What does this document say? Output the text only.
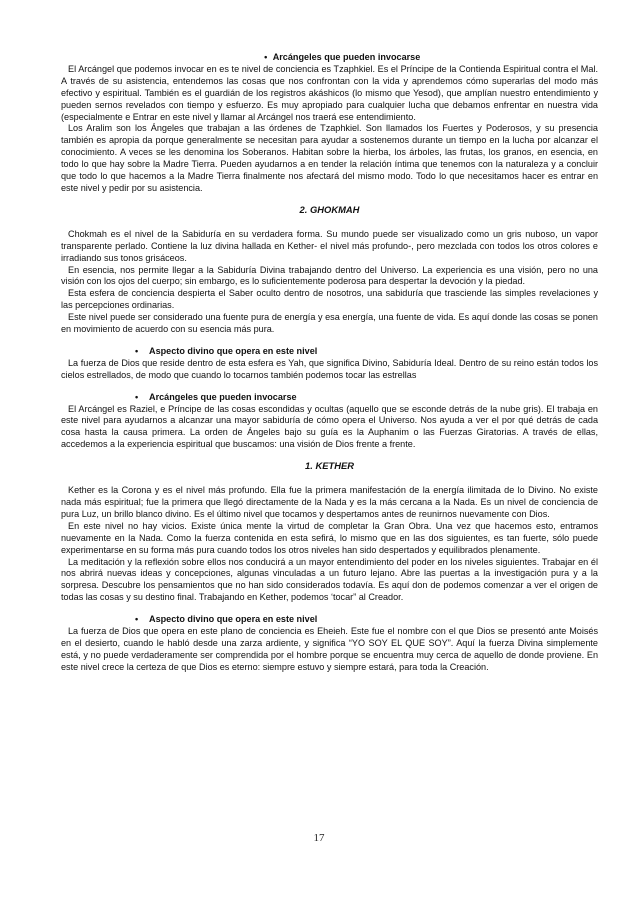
• Arcángeles que pueden invocarse

El Arcángel que podemos invocar en es te nivel de conciencia es Tzaphkiel. Es el Príncipe de la Contienda Espiritual contra el Mal. A través de su asistencia, entendemos las cosas que nos confrontan con la vida y aprendemos cómo superarlas del modo más efectivo y espiritual. También es el guardián de los registros akáshicos (lo mismo que Yesod), que amplían nuestro entendimiento y pueden sernos revelados con tiempo y esfuerzo. Es muy apropiado para cualquier lucha que debamos enfrentar en nuestra vida (especialmente e Entrar en este nivel y llamar al Arcángel nos traerá ese entendimiento.

Los Aralim son los Ángeles que trabajan a las órdenes de Tzaphkiel. Son llamados los Fuertes y Poderosos, y su presencia también es apropia da porque generalmente se necesitan para ayudar a sostenemos durante un tiempo en la lucha por alcanzar el conocimiento. A veces se les denomina los Soberanos. Habitan sobre la hierba, los árboles, las frutas, los granos, en esencia, en todo lo que hay sobre la Madre Tierra. Pueden ayudarnos a en tender la relación íntima que tenemos con la naturaleza y a concluir que todo lo que hacemos a la Madre Tierra finalmente nos afectará del mismo modo. Todo lo que necesitamos hacer es entrar en este nivel y pedir por su asistencia.

2. GHOKMAH

Chokmah es el nivel de la Sabiduría en su verdadera forma. Su mundo puede ser visualizado como un gris nuboso, un vapor transparente perlado. Contiene la luz divina hallada en Kether- el nivel más profundo-, pero mezclada con todos los otros colores e irradiando sus tonos grisáceos.

En esencia, nos permite llegar a la Sabiduría Divina trabajando dentro del Universo. La experiencia es una visión, pero no una visión con los ojos del cuerpo; sin embargo, es lo suficientemente poderosa para despertar la devoción y la piedad.

Esta esfera de conciencia despierta el Saber oculto dentro de nosotros, una sabiduría que trasciende las simples revelaciones y las percepciones ordinarias.

Este nivel puede ser considerado una fuente pura de energía y esa energía, una fuente de vida. Es aquí donde las cosas se ponen en movimiento de acuerdo con su esencia más pura.

• Aspecto divino que opera en este nivel

La fuerza de Dios que reside dentro de esta esfera es Yah, que significa Divino, Sabiduría Ideal. Dentro de su reino están todos los cielos estrellados, de modo que cuando lo tocarnos también podemos tocar las estrellas

• Arcángeles que pueden invocarse

El Arcángel es Raziel, e Príncipe de las cosas escondidas y ocultas (aquello que se esconde detrás de la nube gris). El trabaja en este nivel para ayudarnos a alcanzar una mayor sabiduría de cómo opera el Universo. Nos ayuda a ver el por qué detrás de cada cosa hasta la causa primera. La orden de Ángeles bajo su guía es la Auphanim o las Fuerzas Giratorias. A través de ellas, accedemos a la experiencia espiritual que buscamos: una visión de Dios frente a frente.

1. KETHER

Kether es la Corona y es el nivel más profundo. Ella fue la primera manifestación de la energía ilimitada de lo Divino. No existe nada más espiritual; fue la primera que llegó directamente de la Nada y es la más cercana a la Nada. Es un nivel de conciencia de pura Luz, un brillo blanco divino. Es el último nivel que tocamos y despertamos antes de reunirnos nuevamente con Dios.

En este nivel no hay vicios. Existe única mente la virtud de completar la Gran Obra. Una vez que hacemos esto, entramos nuevamente en la Nada. Como la fuerza contenida en esta sefirá, lo mismo que en las dos siguientes, es tan fuerte, sólo puede experimentarse en su forma más pura cuando todos los otros niveles han sido despertados y equilibrados plenamente.

La meditación y la reflexión sobre ellos nos conducirá a un mayor entendimiento del poder en los niveles siguientes. Trabajar en él nos abrirá nuevas ideas y concepciones, algunas vinculadas a un futuro lejano. Abre las puertas a la investigación pura y a la sorpresa. Descubre los pensamientos que no han sido considerados todavía. Es aquí don de podemos comenzar a ver el origen de todas las cosas y su destino final. Trabajando en Kether, podemos ‘tocar” al Creador.

• Aspecto divino que opera en este nivel

La fuerza de Dios que opera en este plano de conciencia es Eheieh. Este fue el nombre con el que Dios se presentó ante Moisés en el desierto, cuando le habló desde una zarza ardiente, y significa “YO SOY EL QUE SOY”. Aquí la fuerza Divina simplemente está, y no puede verdaderamente ser comprendida por el hombre porque se encuentra muy cerca de aquello de donde proviene. En este nivel crece la certeza de que Dios es eterno: siempre estuvo y siempre estará, para toda la Creación.

17
